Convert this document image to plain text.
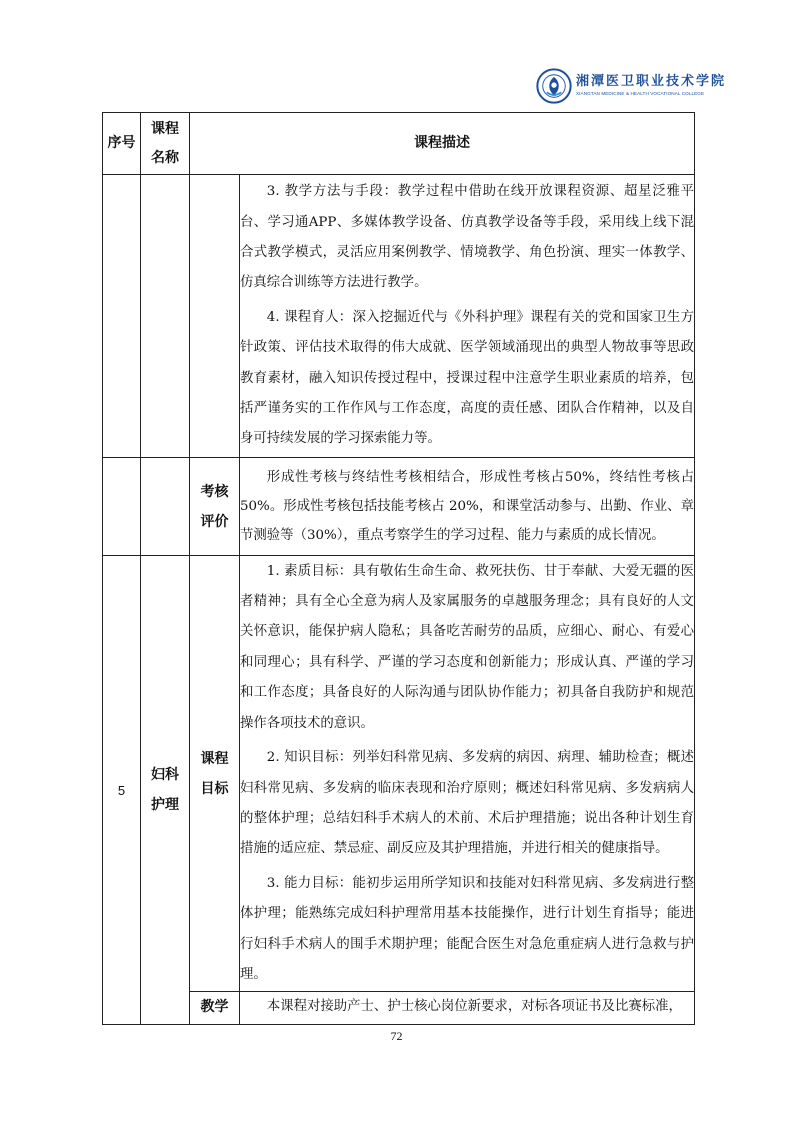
湘潭医卫职业技术学院
XIANGTAN MEDICINE & HEALTH VOCATIONAL COLLEGE
序号	课程名称	课程描述	

			3. 教学方法与手段：教学过程中借助在线开放课程资源、超星泛雅平台、学习通APP、多媒体教学设备、仿真教学设备等手段，采用线上线下混合式教学模式，灵活应用案例教学、情境教学、角色扮演、理实一体教学、仿真综合训练等方法进行教学。

4. 课程育人：深入挖掘近代与《外科护理》课程有关的党和国家卫生方针政策、评估技术取得的伟大成就、医学领域涌现出的典型人物故事等思政教育素材，融入知识传授过程中，授课过程中注意学生职业素质的培养，包括严谨务实的工作作风与工作态度，高度的责任感、团队合作精神，以及自身可持续发展的学习探索能力等。

		考核评价	形成性考核与终结性考核相结合，形成性考核占50%，终结性考核占50%。形成性考核包括技能考核占 20%，和课堂活动参与、出勤、作业、章节测验等（30%），重点考察学生的学习过程、能力与素质的成长情况。

5	妇科护理	课程目标	1. 素质目标：具有敬佑生命生命、救死扶伤、甘于奉献、大爱无疆的医者精神；具有全心全意为病人及家属服务的卓越服务理念；具有良好的人文关怀意识，能保护病人隐私；具备吃苦耐劳的品质，应细心、耐心、有爱心和同理心；具有科学、严谨的学习态度和创新能力；形成认真、严谨的学习和工作态度；具备良好的人际沟通与团队协作能力；初具备自我防护和规范操作各项技术的意识。

2. 知识目标：列举妇科常见病、多发病的病因、病理、辅助检查；概述妇科常见病、多发病的临床表现和治疗原则；概述妇科常见病、多发病病人的整体护理；总结妇科手术病人的术前、术后护理措施；说出各种计划生育措施的适应症、禁忌症、副反应及其护理措施，并进行相关的健康指导。

3. 能力目标：能初步运用所学知识和技能对妇科常见病、多发病进行整体护理；能熟练完成妇科护理常用基本技能操作，进行计划生育指导；能进行妇科手术病人的围手术期护理；能配合医生对急危重症病人进行急救与护理。

		教学	本课程对接助产士、护士核心岗位新要求，对标各项证书及比赛标准，

72
